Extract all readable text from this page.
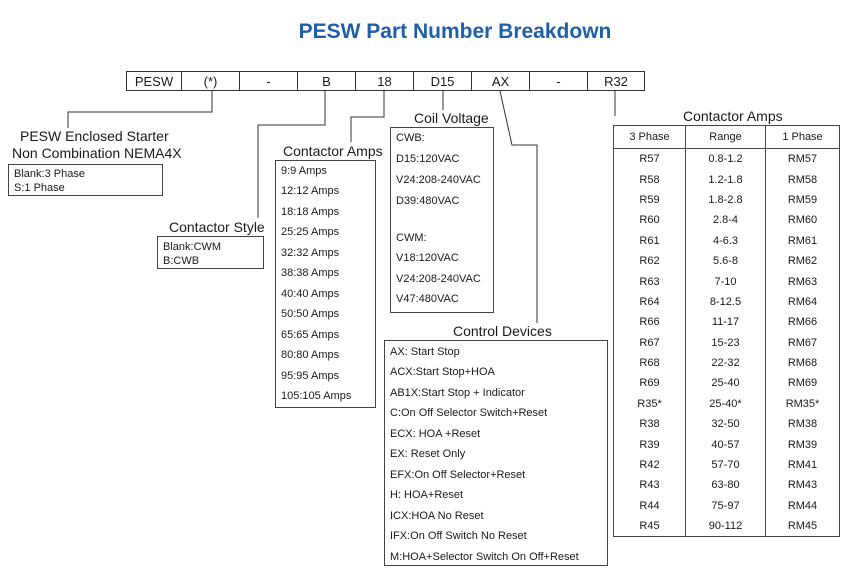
PESW Part Number Breakdown
PESW	(*)	-	B	18	D15	AX	-	R32
PESW Enclosed Starter
Non Combination NEMA4X
Blank:3 Phase
S:1 Phase
Contactor Style
Blank:CWM
B:CWB
Contactor Amps
9:9 Amps
12:12 Amps
18:18 Amps
25:25 Amps
32:32 Amps
38:38 Amps
40:40 Amps
50:50 Amps
65:65 Amps
80:80 Amps
95:95 Amps
105:105 Amps
Coil Voltage
CWB:
D15:120VAC
V24:208-240VAC
D39:480VAC
CWM:
V18:120VAC
V24:208-240VAC
V47:480VAC
Control Devices
AX: Start Stop
ACX:Start Stop+HOA
AB1X:Start Stop + Indicator
C:On Off Selector Switch+Reset
ECX: HOA +Reset
EX: Reset Only
EFX:On Off Selector+Reset
H: HOA+Reset
ICX:HOA No Reset
IFX:On Off Switch No Reset
M:HOA+Selector Switch On Off+Reset
Contactor Amps
3 Phase	Range	1 Phase
R57	0.8-1.2	RM57
R58	1.2-1.8	RM58
R59	1.8-2.8	RM59
R60	2.8-4	RM60
R61	4-6.3	RM61
R62	5.6-8	RM62
R63	7-10	RM63
R64	8-12.5	RM64
R66	11-17	RM66
R67	15-23	RM67
R68	22-32	RM68
R69	25-40	RM69
R35*	25-40*	RM35*
R38	32-50	RM38
R39	40-57	RM39
R42	57-70	RM41
R43	63-80	RM43
R44	75-97	RM44
R45	90-112	RM45
